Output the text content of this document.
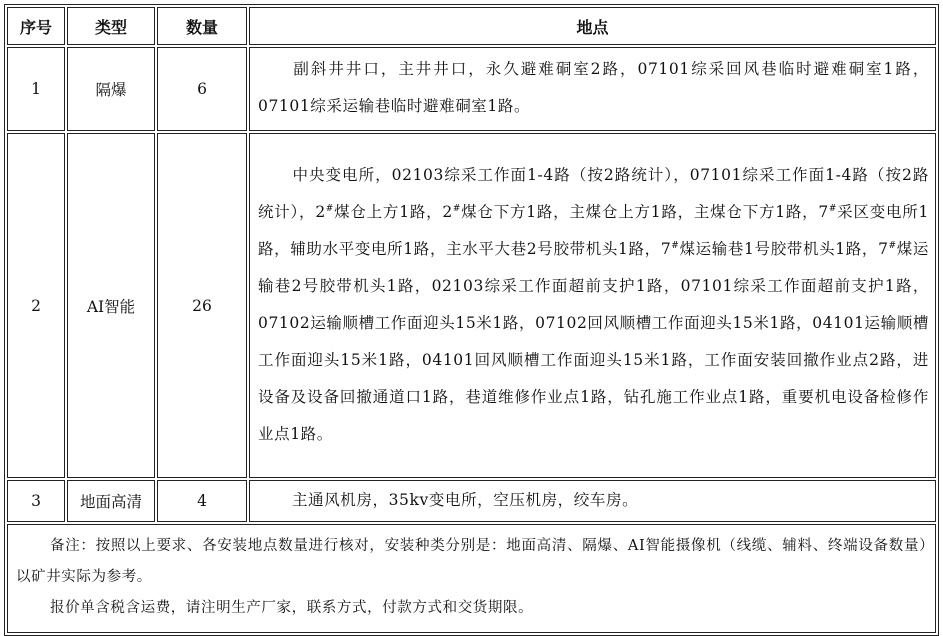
序号	类型	数量	地点
1	隔爆	6	副斜井井口，主井井口，永久避难硐室2路，07101综采回风巷临时避难硐室1路，07101综采运输巷临时避难硐室1路。
2	AI智能	26	中央变电所，02103综采工作面1-4路（按2路统计），07101综采工作面1-4路（按2路统计），2#煤仓上方1路，2#煤仓下方1路，主煤仓上方1路，主煤仓下方1路，7#采区变电所1路，辅助水平变电所1路，主水平大巷2号胶带机头1路，7#煤运输巷1号胶带机头1路，7#煤运输巷2号胶带机头1路，02103综采工作面超前支护1路，07101综采工作面超前支护1路，07102运输顺槽工作面迎头15米1路，07102回风顺槽工作面迎头15米1路，04101运输顺槽工作面迎头15米1路，04101回风顺槽工作面迎头15米1路，工作面安装回撤作业点2路，进设备及设备回撤通道口1路，巷道维修作业点1路，钻孔施工作业点1路，重要机电设备检修作业点1路。
3	地面高清	4	主通风机房，35kv变电所，空压机房，绞车房。

备注：按照以上要求、各安装地点数量进行核对，安装种类分别是：地面高清、隔爆、AI智能摄像机（线缆、辅料、终端设备数量）以矿井实际为参考。

报价单含税含运费，请注明生产厂家，联系方式，付款方式和交货期限。			
